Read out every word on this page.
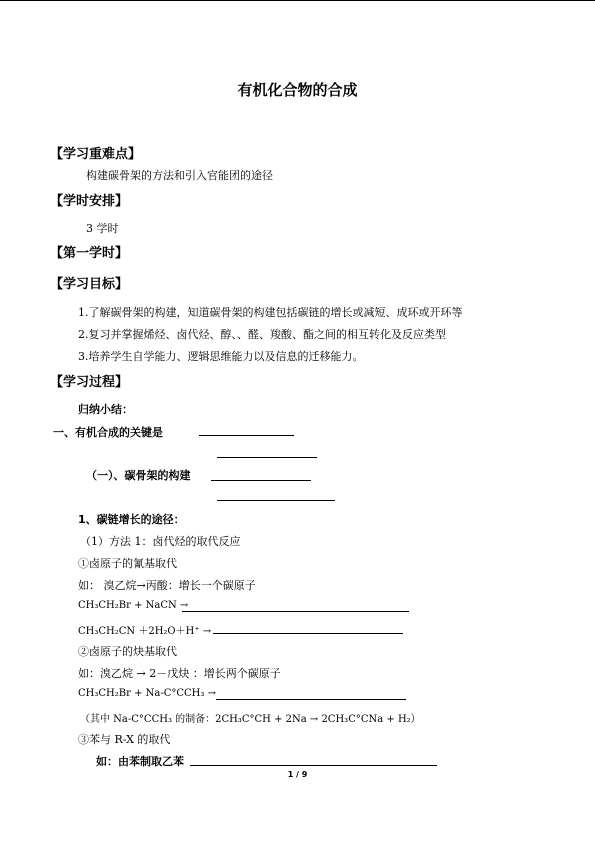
有机化合物的合成
【学习重难点】
构建碳骨架的方法和引入官能团的途径
【学时安排】
3 学时
【第一学时】
【学习目标】
1.了解碳骨架的构建，知道碳骨架的构建包括碳链的增长或减短、成环或开环等
2.复习并掌握烯烃、卤代烃、醇、、醛、羧酸、酯之间的相互转化及反应类型
3.培养学生自学能力、逻辑思维能力以及信息的迁移能力。
【学习过程】
归纳小结：
一、有机合成的关键是
（一）、碳骨架的构建
1、碳链增长的途径：
（1）方法 1：卤代烃的取代反应
①卤原子的氰基取代
如： 溴乙烷→丙酸：增长一个碳原子
CH₃CH₂Br + NaCN →
CH₃CH₂CN ＋2H₂O＋H⁺ →
②卤原子的炔基取代
如：溴乙烷 → 2－戊炔 ：增长两个碳原子
CH₃CH₂Br + Na-C°CCH₃ →
（其中 Na-C°CCH₃ 的制备：2CH₃C°CH + 2Na → 2CH₃C°CNa + H₂）
③苯与 R-X 的取代
如：由苯制取乙苯
1 / 9
